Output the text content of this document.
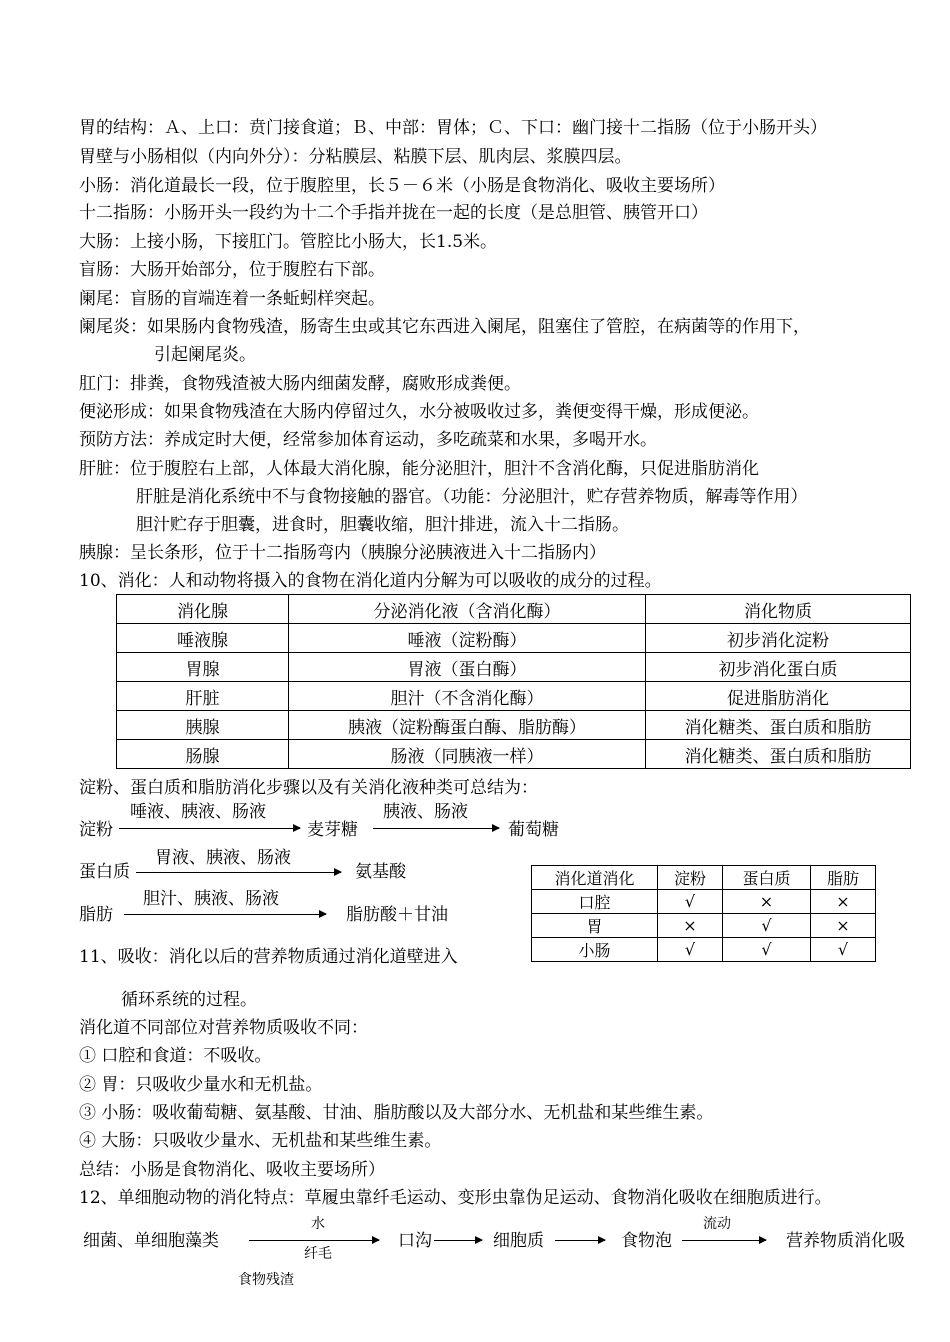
胃的结构：Ａ、上口：贲门接食道；Ｂ、中部：胃体；Ｃ、下口：幽门接十二指肠（位于小肠开头）
胃壁与小肠相似（内向外分）：分粘膜层、粘膜下层、肌肉层、浆膜四层。
小肠：消化道最长一段，位于腹腔里，长５－６米（小肠是食物消化、吸收主要场所）
十二指肠：小肠开头一段约为十二个手指并拢在一起的长度（是总胆管、胰管开口）
大肠：上接小肠，下接肛门。管腔比小肠大，长1.5米。
盲肠：大肠开始部分，位于腹腔右下部。
阑尾：盲肠的盲端连着一条蚯蚓样突起。
阑尾炎：如果肠内食物残渣，肠寄生虫或其它东西进入阑尾，阻塞住了管腔，在病菌等的作用下，
引起阑尾炎。
肛门：排粪，食物残渣被大肠内细菌发酵，腐败形成粪便。
便泌形成：如果食物残渣在大肠内停留过久，水分被吸收过多，粪便变得干燥，形成便泌。
预防方法：养成定时大便，经常参加体育运动，多吃疏菜和水果，多喝开水。
肝脏：位于腹腔右上部，人体最大消化腺，能分泌胆汁，胆汁不含消化酶，只促进脂肪消化
肝脏是消化系统中不与食物接触的器官。（功能：分泌胆汁，贮存营养物质，解毒等作用）
胆汁贮存于胆囊，进食时，胆囊收缩，胆汁排进，流入十二指肠。
胰腺：呈长条形，位于十二指肠弯内（胰腺分泌胰液进入十二指肠内）
10、消化：人和动物将摄入的食物在消化道内分解为可以吸收的成分的过程。
消化腺	分泌消化液（含消化酶）	消化物质
唾液腺	唾液（淀粉酶）	初步消化淀粉
胃腺	胃液（蛋白酶）	初步消化蛋白质
肝脏	胆汁（不含消化酶）	促进脂肪消化
胰腺	胰液（淀粉酶蛋白酶、脂肪酶）	消化糖类、蛋白质和脂肪
肠腺	肠液（同胰液一样）	消化糖类、蛋白质和脂肪
淀粉、蛋白质和脂肪消化步骤以及有关消化液种类可总结为：
淀粉
唾液、胰液、肠液
麦芽糖
胰液、肠液
葡萄糖
蛋白质
胃液、胰液、肠液
氨基酸
脂肪
胆汁、胰液、肠液
脂肪酸＋甘油
消化道消化	淀粉	蛋白质	脂肪
口腔	√	×	×
胃	×	√	×
小肠	√	√	√
11、吸收：消化以后的营养物质通过消化道壁进入
循环系统的过程。
消化道不同部位对营养物质吸收不同：
① 口腔和食道：不吸收。
② 胃：只吸收少量水和无机盐。
③ 小肠：吸收葡萄糖、氨基酸、甘油、脂肪酸以及大部分水、无机盐和某些维生素。
④ 大肠：只吸收少量水、无机盐和某些维生素。
总结：小肠是食物消化、吸收主要场所）
12、单细胞动物的消化特点：草履虫靠纤毛运动、变形虫靠伪足运动、食物消化吸收在细胞质进行。
细菌、单细胞藻类
水
纤毛
口沟	细胞质	食物泡
流动
营养物质消化吸
食物残渣
